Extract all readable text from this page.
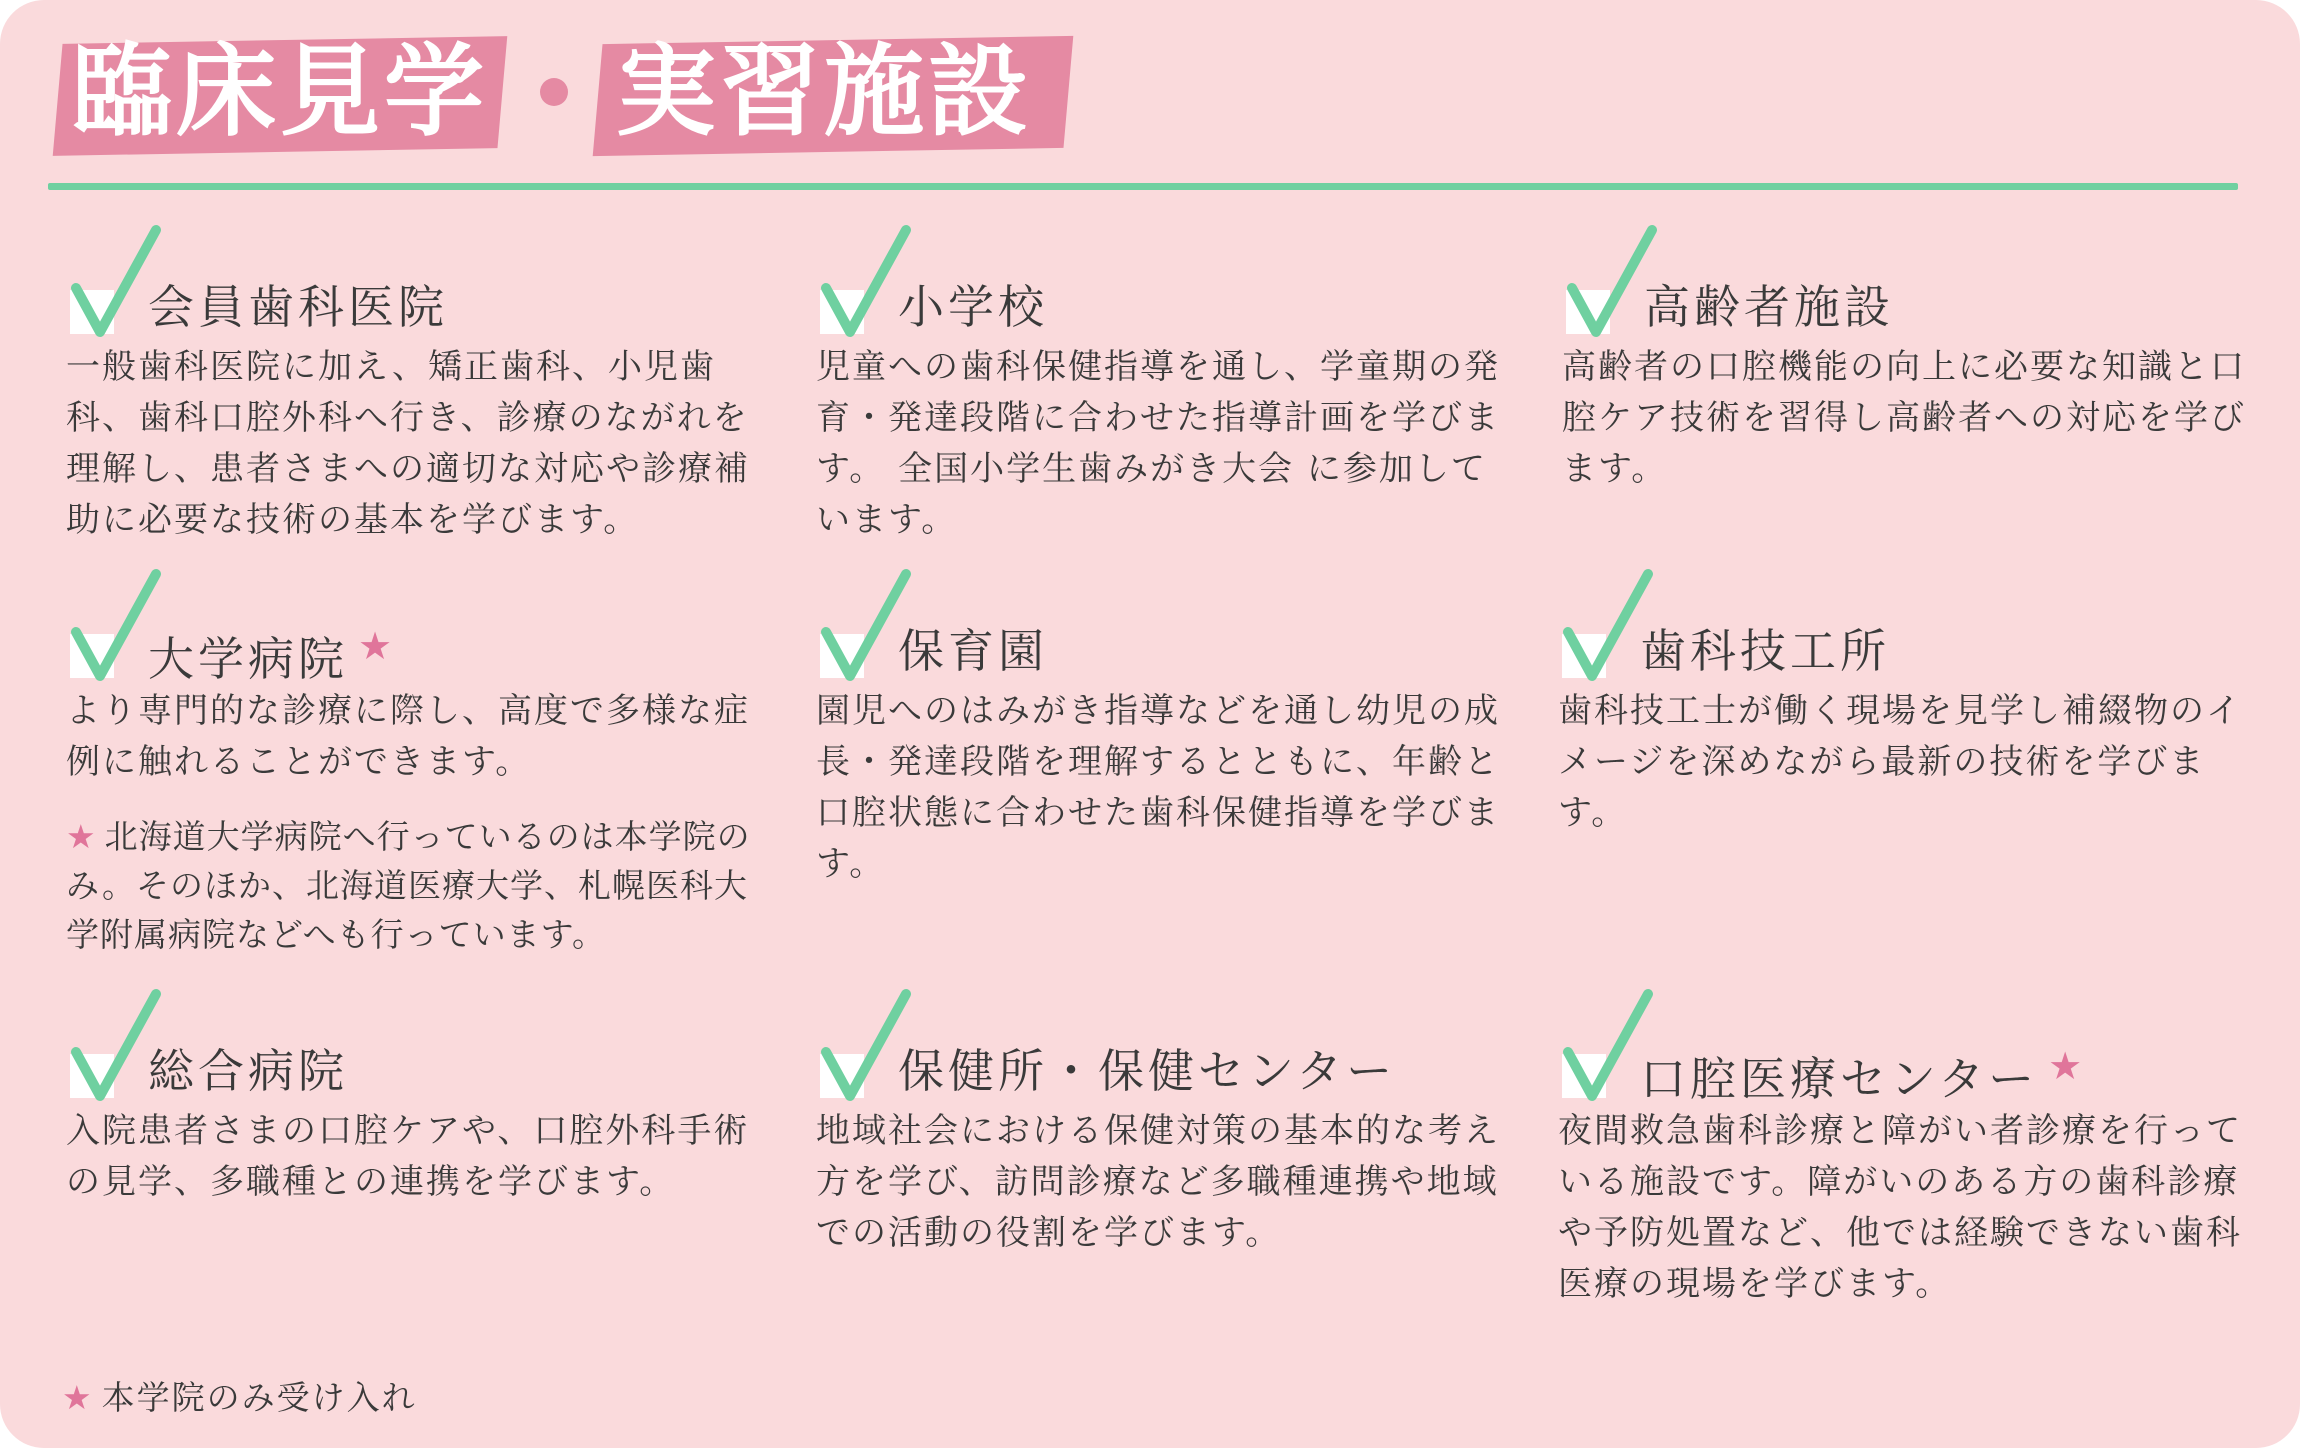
臨床見学 実習施設
会員歯科医院

一般歯科医院に加え、矯正歯科、小児歯科、歯科口腔外科へ行き、診療のながれを理解し、患者さまへの適切な対応や診療補助に必要な技術の基本を学びます。

小学校

児童への歯科保健指導を通し、学童期の発育・発達段階に合わせた指導計画を学びます。 全国小学生歯みがき大会 に参加しています。

高齢者施設

高齢者の口腔機能の向上に必要な知識と口腔ケア技術を習得し高齢者への対応を学びます。

大学病院 ★

より専門的な診療に際し、高度で多様な症例に触れることができます。

★ 北海道大学病院へ行っているのは本学院のみ。そのほか、北海道医療大学、札幌医科大学附属病院などへも行っています。
保育園

園児へのはみがき指導などを通し幼児の成長・発達段階を理解するとともに、年齢と口腔状態に合わせた歯科保健指導を学びます。

歯科技工所

歯科技工士が働く現場を見学し補綴物のイメージを深めながら最新の技術を学びます。

総合病院

入院患者さまの口腔ケアや、口腔外科手術の見学、多職種との連携を学びます。

保健所・保健センター

地域社会における保健対策の基本的な考え方を学び、訪問診療など多職種連携や地域での活動の役割を学びます。

口腔医療センター ★

夜間救急歯科診療と障がい者診療を行っている施設です。障がいのある方の歯科診療や予防処置など、他では経験できない歯科医療の現場を学びます。

★ 本学院のみ受け入れ
